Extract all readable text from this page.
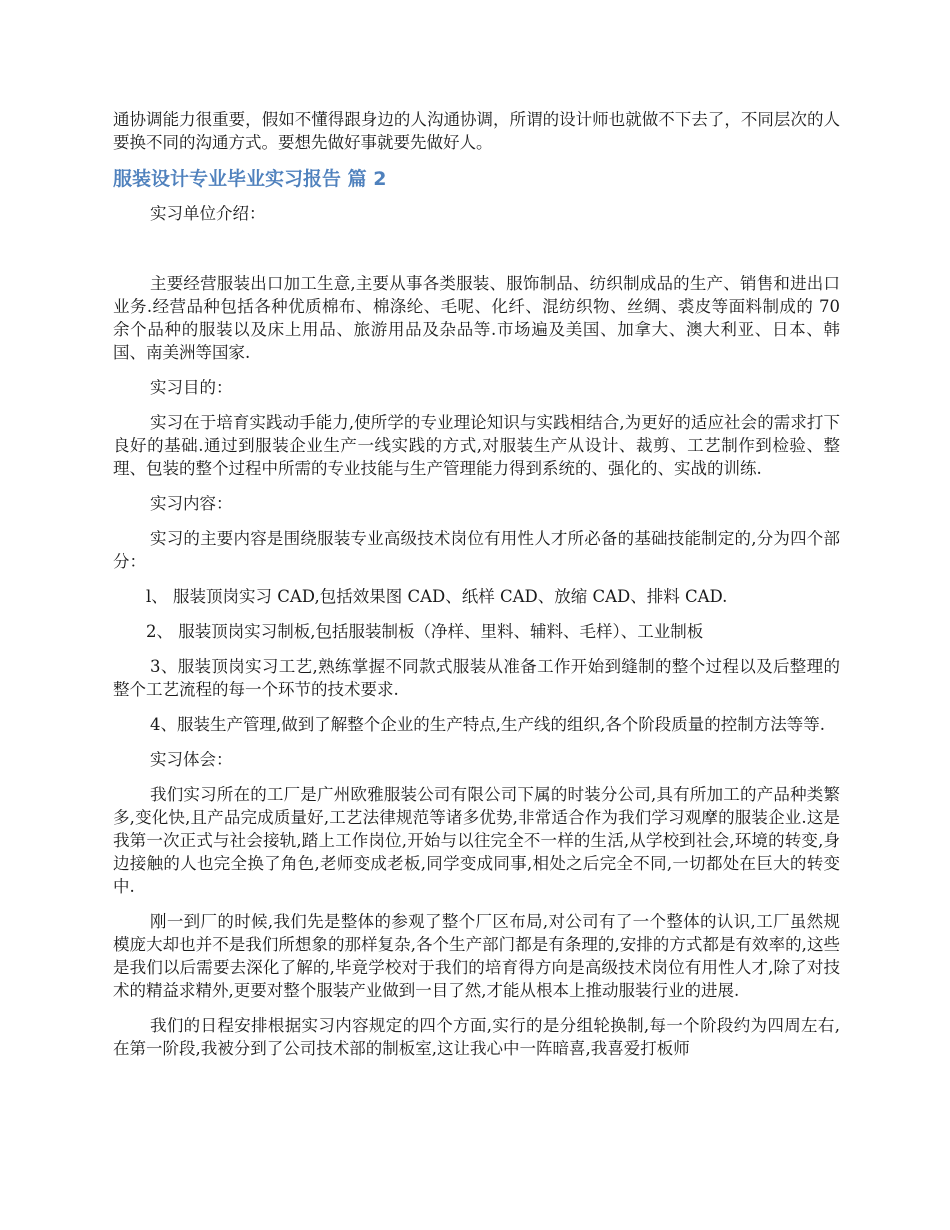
通协调能力很重要，假如不懂得跟身边的人沟通协调，所谓的设计师也就做不下去了，不同层次的人要换不同的沟通方式。要想先做好事就要先做好人。

服装设计专业毕业实习报告 篇 2

实习单位介绍：

主要经营服装出口加工生意,主要从事各类服装、服饰制品、纺织制成品的生产、销售和进出口业务.经营品种包括各种优质棉布、棉涤纶、毛呢、化纤、混纺织物、丝绸、裘皮等面料制成的 70 余个品种的服装以及床上用品、旅游用品及杂品等.市场遍及美国、加拿大、澳大利亚、日本、韩国、南美洲等国家.

实习目的：

实习在于培育实践动手能力,使所学的专业理论知识与实践相结合,为更好的适应社会的需求打下良好的基础.通过到服装企业生产一线实践的方式,对服装生产从设计、裁剪、工艺制作到检验、整理、包装的整个过程中所需的专业技能与生产管理能力得到系统的、强化的、实战的训练.

实习内容：

实习的主要内容是围绕服装专业高级技术岗位有用性人才所必备的基础技能制定的,分为四个部分：

l、 服装顶岗实习 CAD,包括效果图 CAD、纸样 CAD、放缩 CAD、排料 CAD.

2、 服装顶岗实习制板,包括服装制板（净样、里料、辅料、毛样）、工业制板

3、服装顶岗实习工艺,熟练掌握不同款式服装从准备工作开始到缝制的整个过程以及后整理的整个工艺流程的每一个环节的技术要求.

4、服装生产管理,做到了解整个企业的生产特点,生产线的组织,各个阶段质量的控制方法等等.

实习体会：

我们实习所在的工厂是广州欧雅服装公司有限公司下属的时装分公司,具有所加工的产品种类繁多,变化快,且产品完成质量好,工艺法律规范等诸多优势,非常适合作为我们学习观摩的服装企业.这是我第一次正式与社会接轨,踏上工作岗位,开始与以往完全不一样的生活,从学校到社会,环境的转变,身边接触的人也完全换了角色,老师变成老板,同学变成同事,相处之后完全不同,一切都处在巨大的转变中.

刚一到厂的时候,我们先是整体的参观了整个厂区布局,对公司有了一个整体的认识,工厂虽然规模庞大却也并不是我们所想象的那样复杂,各个生产部门都是有条理的,安排的方式都是有效率的,这些是我们以后需要去深化了解的,毕竟学校对于我们的培育得方向是高级技术岗位有用性人才,除了对技术的精益求精外,更要对整个服装产业做到一目了然,才能从根本上推动服装行业的进展.

我们的日程安排根据实习内容规定的四个方面,实行的是分组轮换制,每一个阶段约为四周左右,在第一阶段,我被分到了公司技术部的制板室,这让我心中一阵暗喜,我喜爱打板师
